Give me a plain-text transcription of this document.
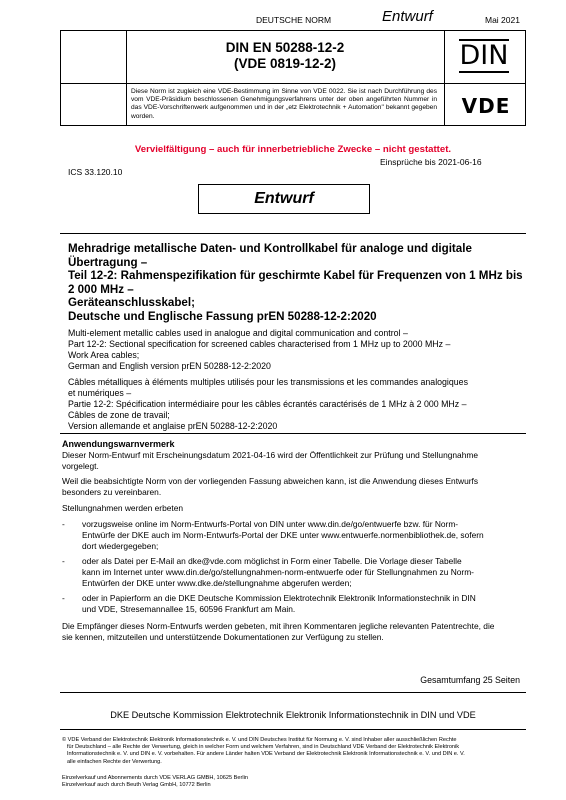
DEUTSCHE NORM	Entwurf	Mai 2021
DIN EN 50288-12-2
(VDE 0819-12-2)
Diese Norm ist zugleich eine VDE-Bestimmung im Sinne von VDE 0022. Sie ist nach Durchführung des vom VDE-Präsidium beschlossenen Genehmigungsverfahrens unter der oben angeführten Nummer in das VDE-Vorschriftenwerk aufgenommen und in der „etz Elektrotechnik + Automation" bekannt gegeben worden.
DIN
VDE
Vervielfältigung – auch für innerbetriebliche Zwecke – nicht gestattet.
Einsprüche bis 2021-06-16
ICS 33.120.10
Entwurf
Mehradrige metallische Daten- und Kontrollkabel für analoge und digitale
Übertragung –
Teil 12-2: Rahmenspezifikation für geschirmte Kabel für Frequenzen von 1 MHz bis
2 000 MHz –
Geräteanschlusskabel;
Deutsche und Englische Fassung prEN 50288-12-2:2020
Multi-element metallic cables used in analogue and digital communication and control –
Part 12-2: Sectional specification for screened cables characterised from 1 MHz up to 2000 MHz –
Work Area cables;
German and English version prEN 50288-12-2:2020
Câbles métalliques à éléments multiples utilisés pour les transmissions et les commandes analogiques
et numériques –
Partie 12-2: Spécification intermédiaire pour les câbles écrantés caractérisés de 1 MHz à 2 000 MHz –
Câbles de zone de travail;
Version allemande et anglaise prEN 50288-12-2:2020
Anwendungswarnvermerk
Dieser Norm-Entwurf mit Erscheinungsdatum 2021-04-16 wird der Öffentlichkeit zur Prüfung und Stellungnahme
vorgelegt.
Weil die beabsichtigte Norm von der vorliegenden Fassung abweichen kann, ist die Anwendung dieses Entwurfs
besonders zu vereinbaren.
Stellungnahmen werden erbeten
- vorzugsweise online im Norm-Entwurfs-Portal von DIN unter www.din.de/go/entwuerfe bzw. für Norm-
Entwürfe der DKE auch im Norm-Entwurfs-Portal der DKE unter www.entwuerfe.normenbibliothek.de, sofern
dort wiedergegeben;
- oder als Datei per E-Mail an dke@vde.com möglichst in Form einer Tabelle. Die Vorlage dieser Tabelle
kann im Internet unter www.din.de/go/stellungnahmen-norm-entwuerfe oder für Stellungnahmen zu Norm-
Entwürfen der DKE unter www.dke.de/stellungnahme abgerufen werden;
- oder in Papierform an die DKE Deutsche Kommission Elektrotechnik Elektronik Informationstechnik in DIN
und VDE, Stresemannallee 15, 60596 Frankfurt am Main.
Die Empfänger dieses Norm-Entwurfs werden gebeten, mit ihren Kommentaren jegliche relevanten Patentrechte, die
sie kennen, mitzuteilen und unterstützende Dokumentationen zur Verfügung zu stellen.
Gesamtumfang 25 Seiten
DKE Deutsche Kommission Elektrotechnik Elektronik Informationstechnik in DIN und VDE
© VDE Verband der Elektrotechnik Elektronik Informationstechnik e. V. und DIN Deutsches Institut für Normung e. V. sind Inhaber aller ausschließlichen Rechte
für Deutschland – alle Rechte der Verwertung, gleich in welcher Form und welchem Verfahren, sind in Deutschland VDE Verband der Elektrotechnik Elektronik
Informationstechnik e. V. und DIN e. V. vorbehalten. Für andere Länder halten VDE Verband der Elektrotechnik Elektronik Informationstechnik e. V. und DIN e. V.
alle einfachen Rechte der Verwertung.
Einzelverkauf und Abonnements durch VDE VERLAG GMBH, 10625 Berlin
Einzelverkauf auch durch Beuth Verlag GmbH, 10772 Berlin
